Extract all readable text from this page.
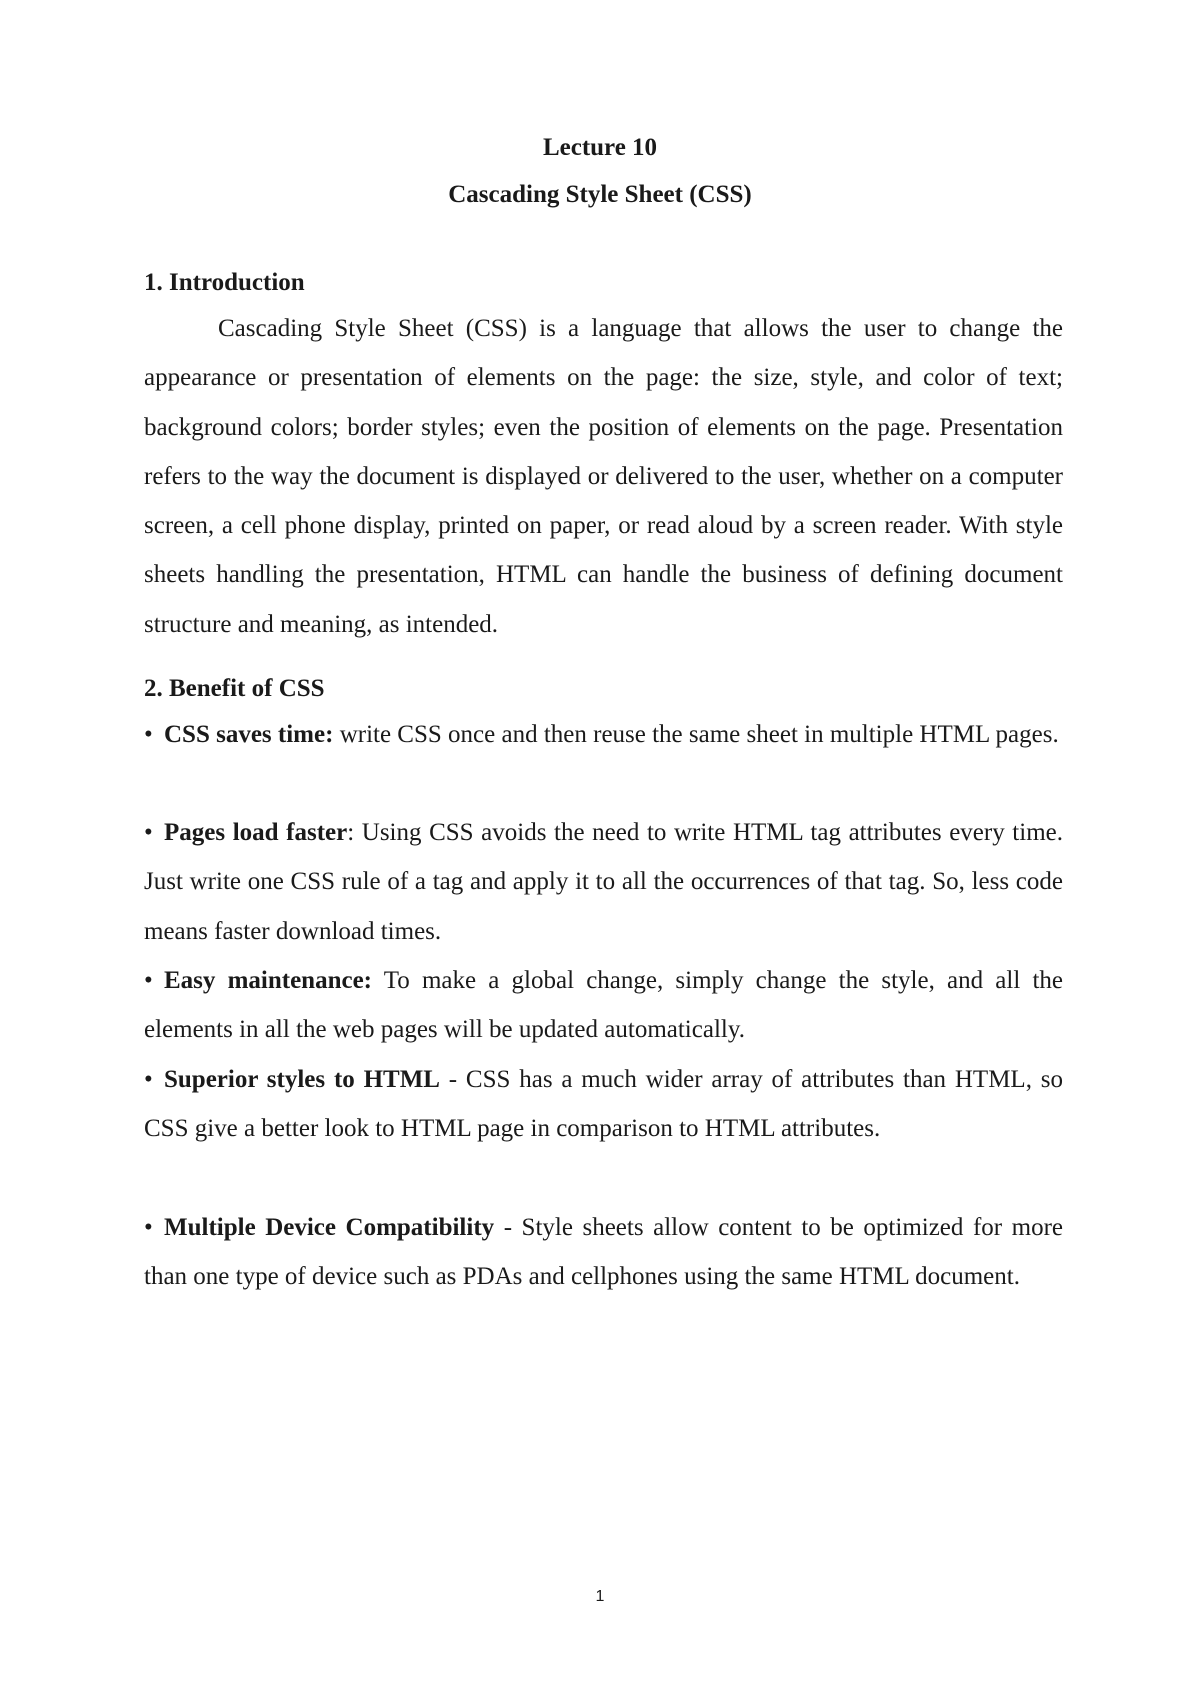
Lecture 10
Cascading Style Sheet (CSS)
1. Introduction
Cascading Style Sheet (CSS) is a language that allows the user to change the appearance or presentation of elements on the page: the size, style, and color of text; background colors; border styles; even the position of elements on the page. Presentation refers to the way the document is displayed or delivered to the user, whether on a computer screen, a cell phone display, printed on paper, or read aloud by a screen reader. With style sheets handling the presentation, HTML can handle the business of defining document structure and meaning, as intended.
2. Benefit of CSS
• CSS saves time: write CSS once and then reuse the same sheet in multiple HTML pages.
• Pages load faster: Using CSS avoids the need to write HTML tag attributes every time. Just write one CSS rule of a tag and apply it to all the occurrences of that tag. So, less code means faster download times.
• Easy maintenance: To make a global change, simply change the style, and all the elements in all the web pages will be updated automatically.
• Superior styles to HTML - CSS has a much wider array of attributes than HTML, so CSS give a better look to HTML page in comparison to HTML attributes.
• Multiple Device Compatibility - Style sheets allow content to be optimized for more than one type of device such as PDAs and cellphones using the same HTML document.
1
